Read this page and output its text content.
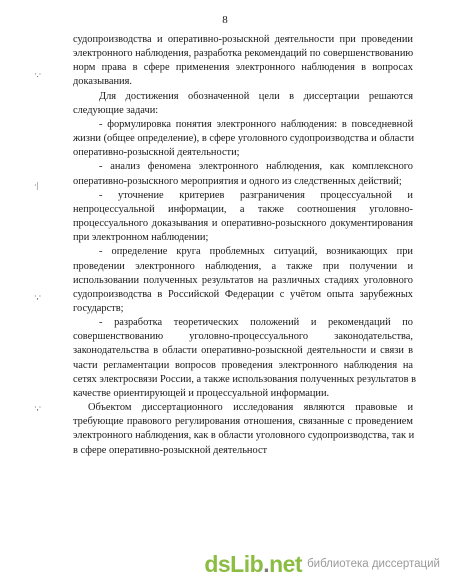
8
·.·
·|
·,·
·,·
судопроизводства и оперативно-розыскной деятельности при проведении
электронного наблюдения, разработка рекомендаций по совершенствованию
норм права в сфере применения электронного наблюдения в вопросах
доказывания.
Для достижения обозначенной цели в диссертации решаются
следующие задачи:
- формулировка понятия электронного наблюдения: в повседневной
жизни (общее определение), в сфере уголовного судопроизводства и области
оперативно-розыскной деятельности;
- анализ феномена электронного наблюдения, как комплексного
оперативно-розыскного мероприятия и одного из следственных действий;
- уточнение критериев разграничения процессуальной и
непроцессуальной информации, а также соотношения уголовно-
процессуального доказывания и оперативно-розыскного документирования
при электронном наблюдении;
- определение круга проблемных ситуаций, возникающих при
проведении электронного наблюдения, а также при получении и
использовании полученных результатов на различных стадиях уголовного
судопроизводства в Российской Федерации с учётом опыта зарубежных
государств;
- разработка теоретических положений и рекомендаций по
совершенствованию уголовно-процессуального законодательства,
законодательства в области оперативно-розыскной деятельности и связи в
части регламентации вопросов проведения электронного наблюдения на
сетях электросвязи России, а также использования полученных результатов в
качестве ориентирующей и процессуальной информации.
Объектом диссертационного исследования являются правовые и
требующие правового регулирования отношения, связанные с проведением
электронного наблюдения, как в области уголовного судопроизводства, так и
в сфере оперативно-розыскной деятельност
dsLib.net библиотека диссертаций
